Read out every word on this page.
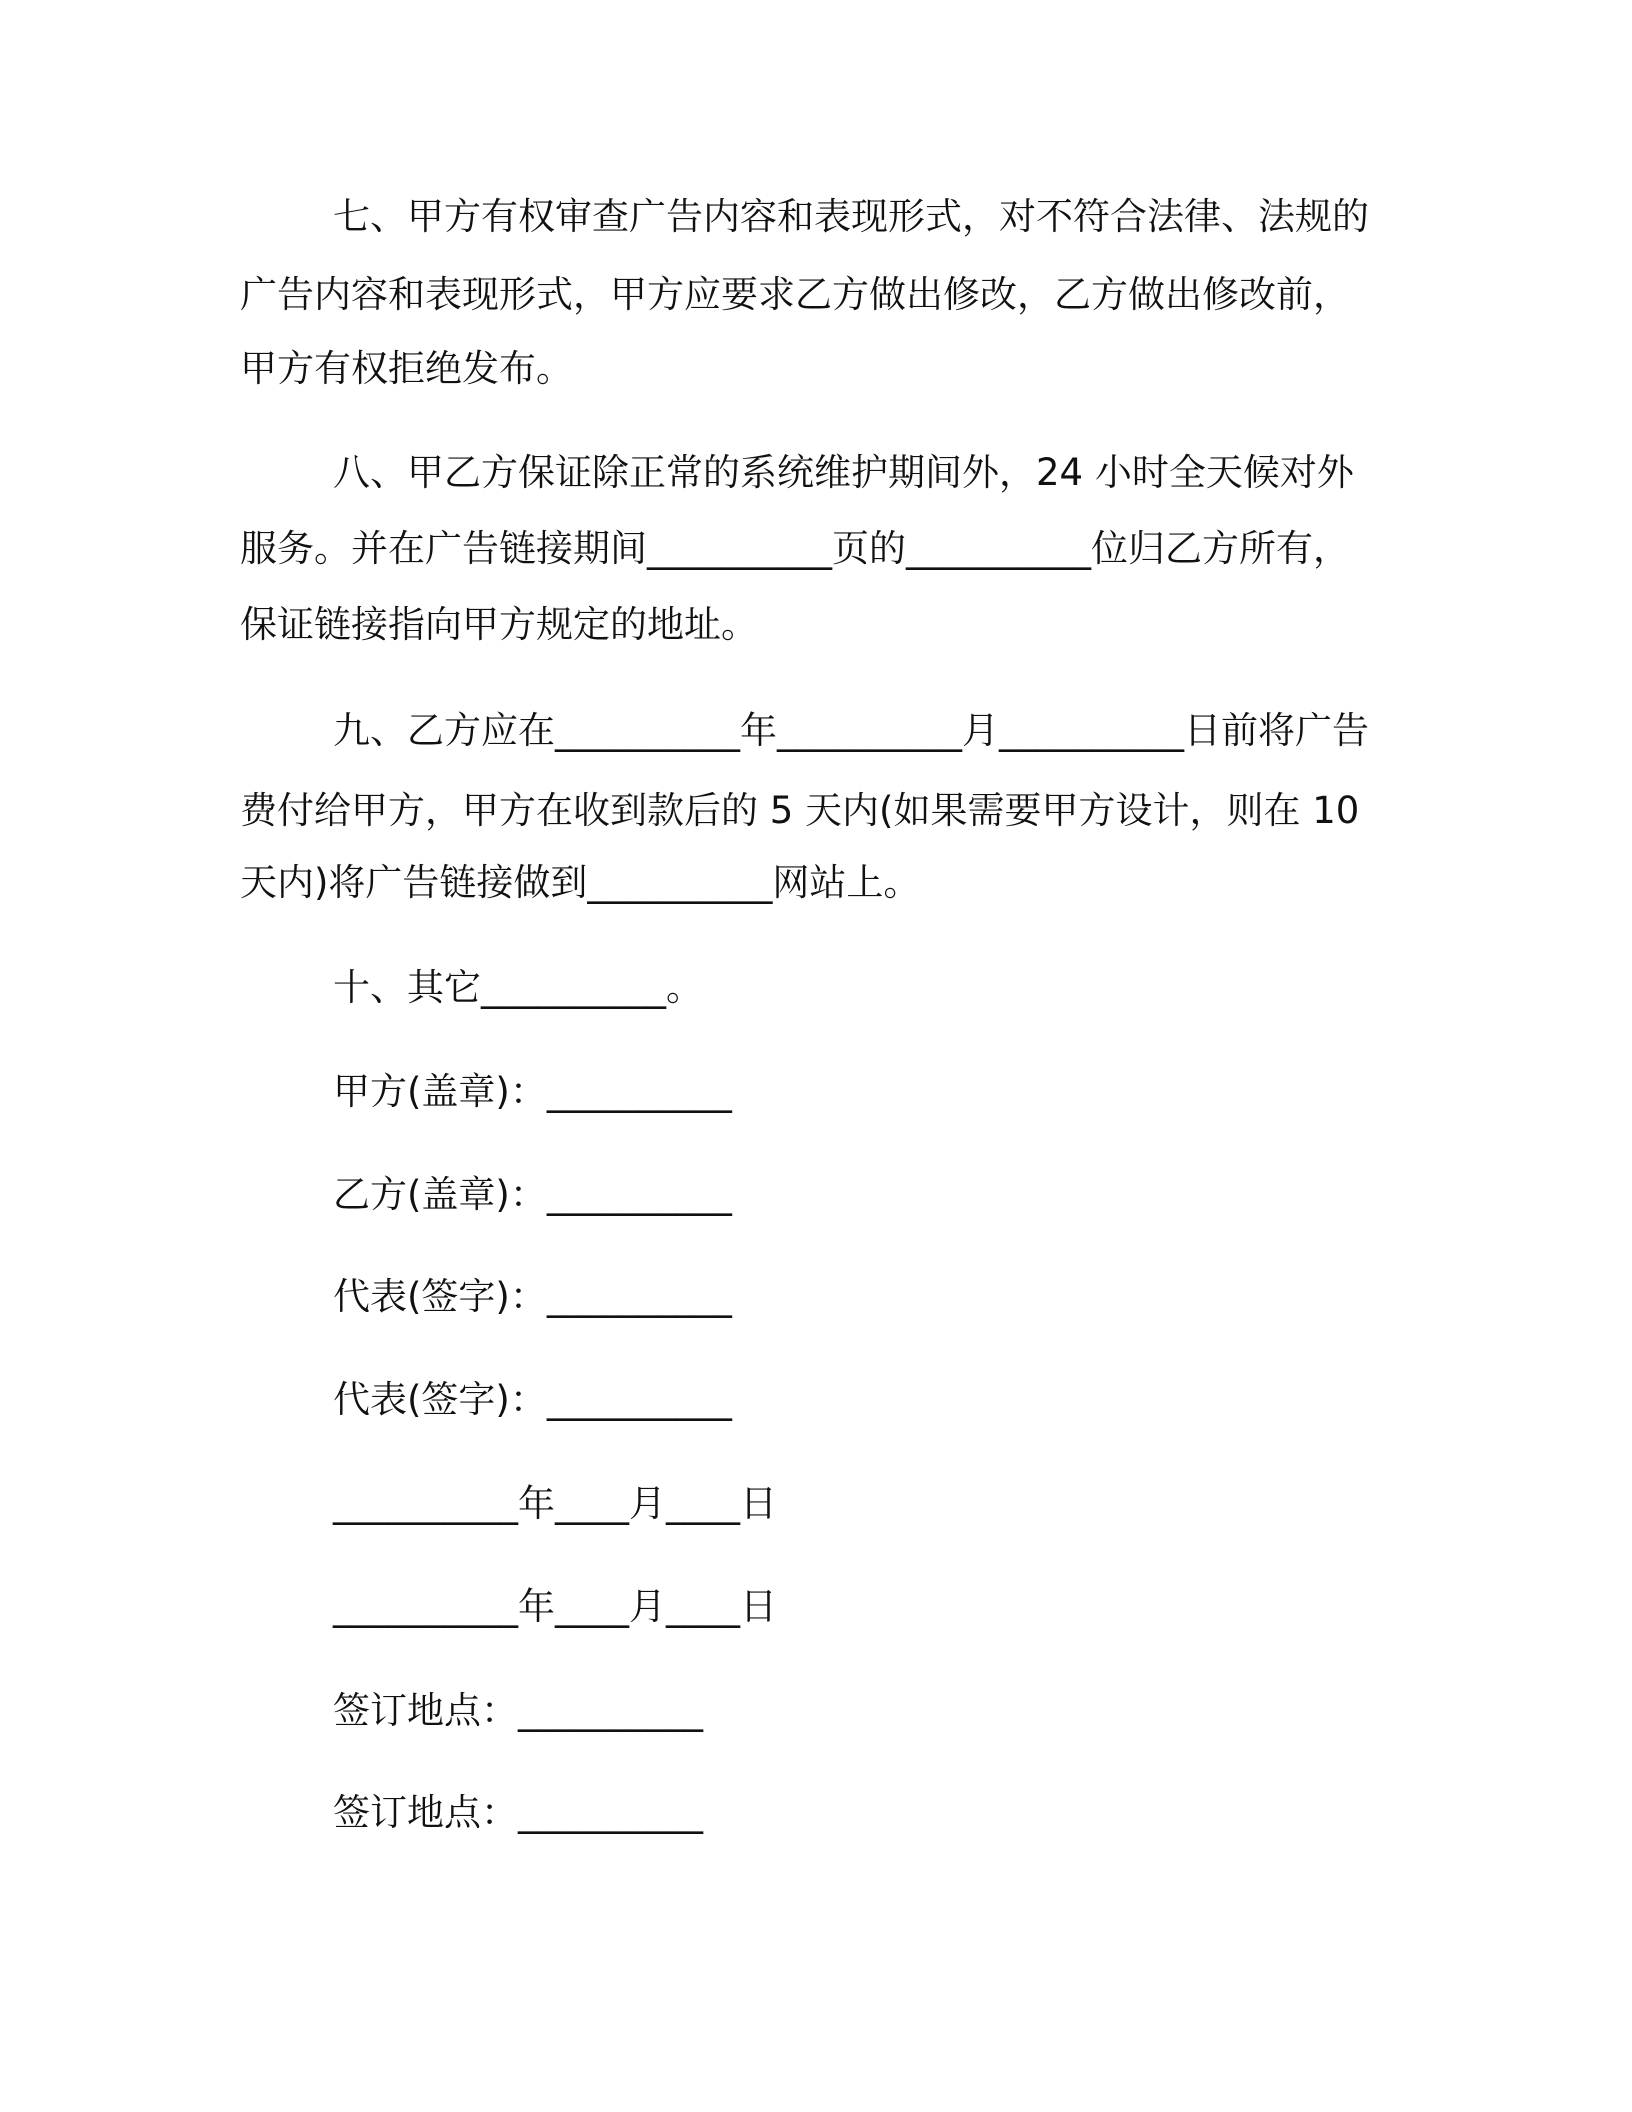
七、甲方有权审查广告内容和表现形式，对不符合法律、法规的
广告内容和表现形式，甲方应要求乙方做出修改，乙方做出修改前，
甲方有权拒绝发布。
八、甲乙方保证除正常的系统维护期间外，24 小时全天候对外
服务。并在广告链接期间__________页的__________位归乙方所有，
保证链接指向甲方规定的地址。
九、乙方应在__________年__________月__________日前将广告
费付给甲方，甲方在收到款后的 5 天内(如果需要甲方设计，则在 10
天内)将广告链接做到__________网站上。
十、其它__________。
甲方(盖章)：__________
乙方(盖章)：__________
代表(签字)：__________
代表(签字)：__________
__________年____月____日
__________年____月____日
签订地点：__________
签订地点：__________
